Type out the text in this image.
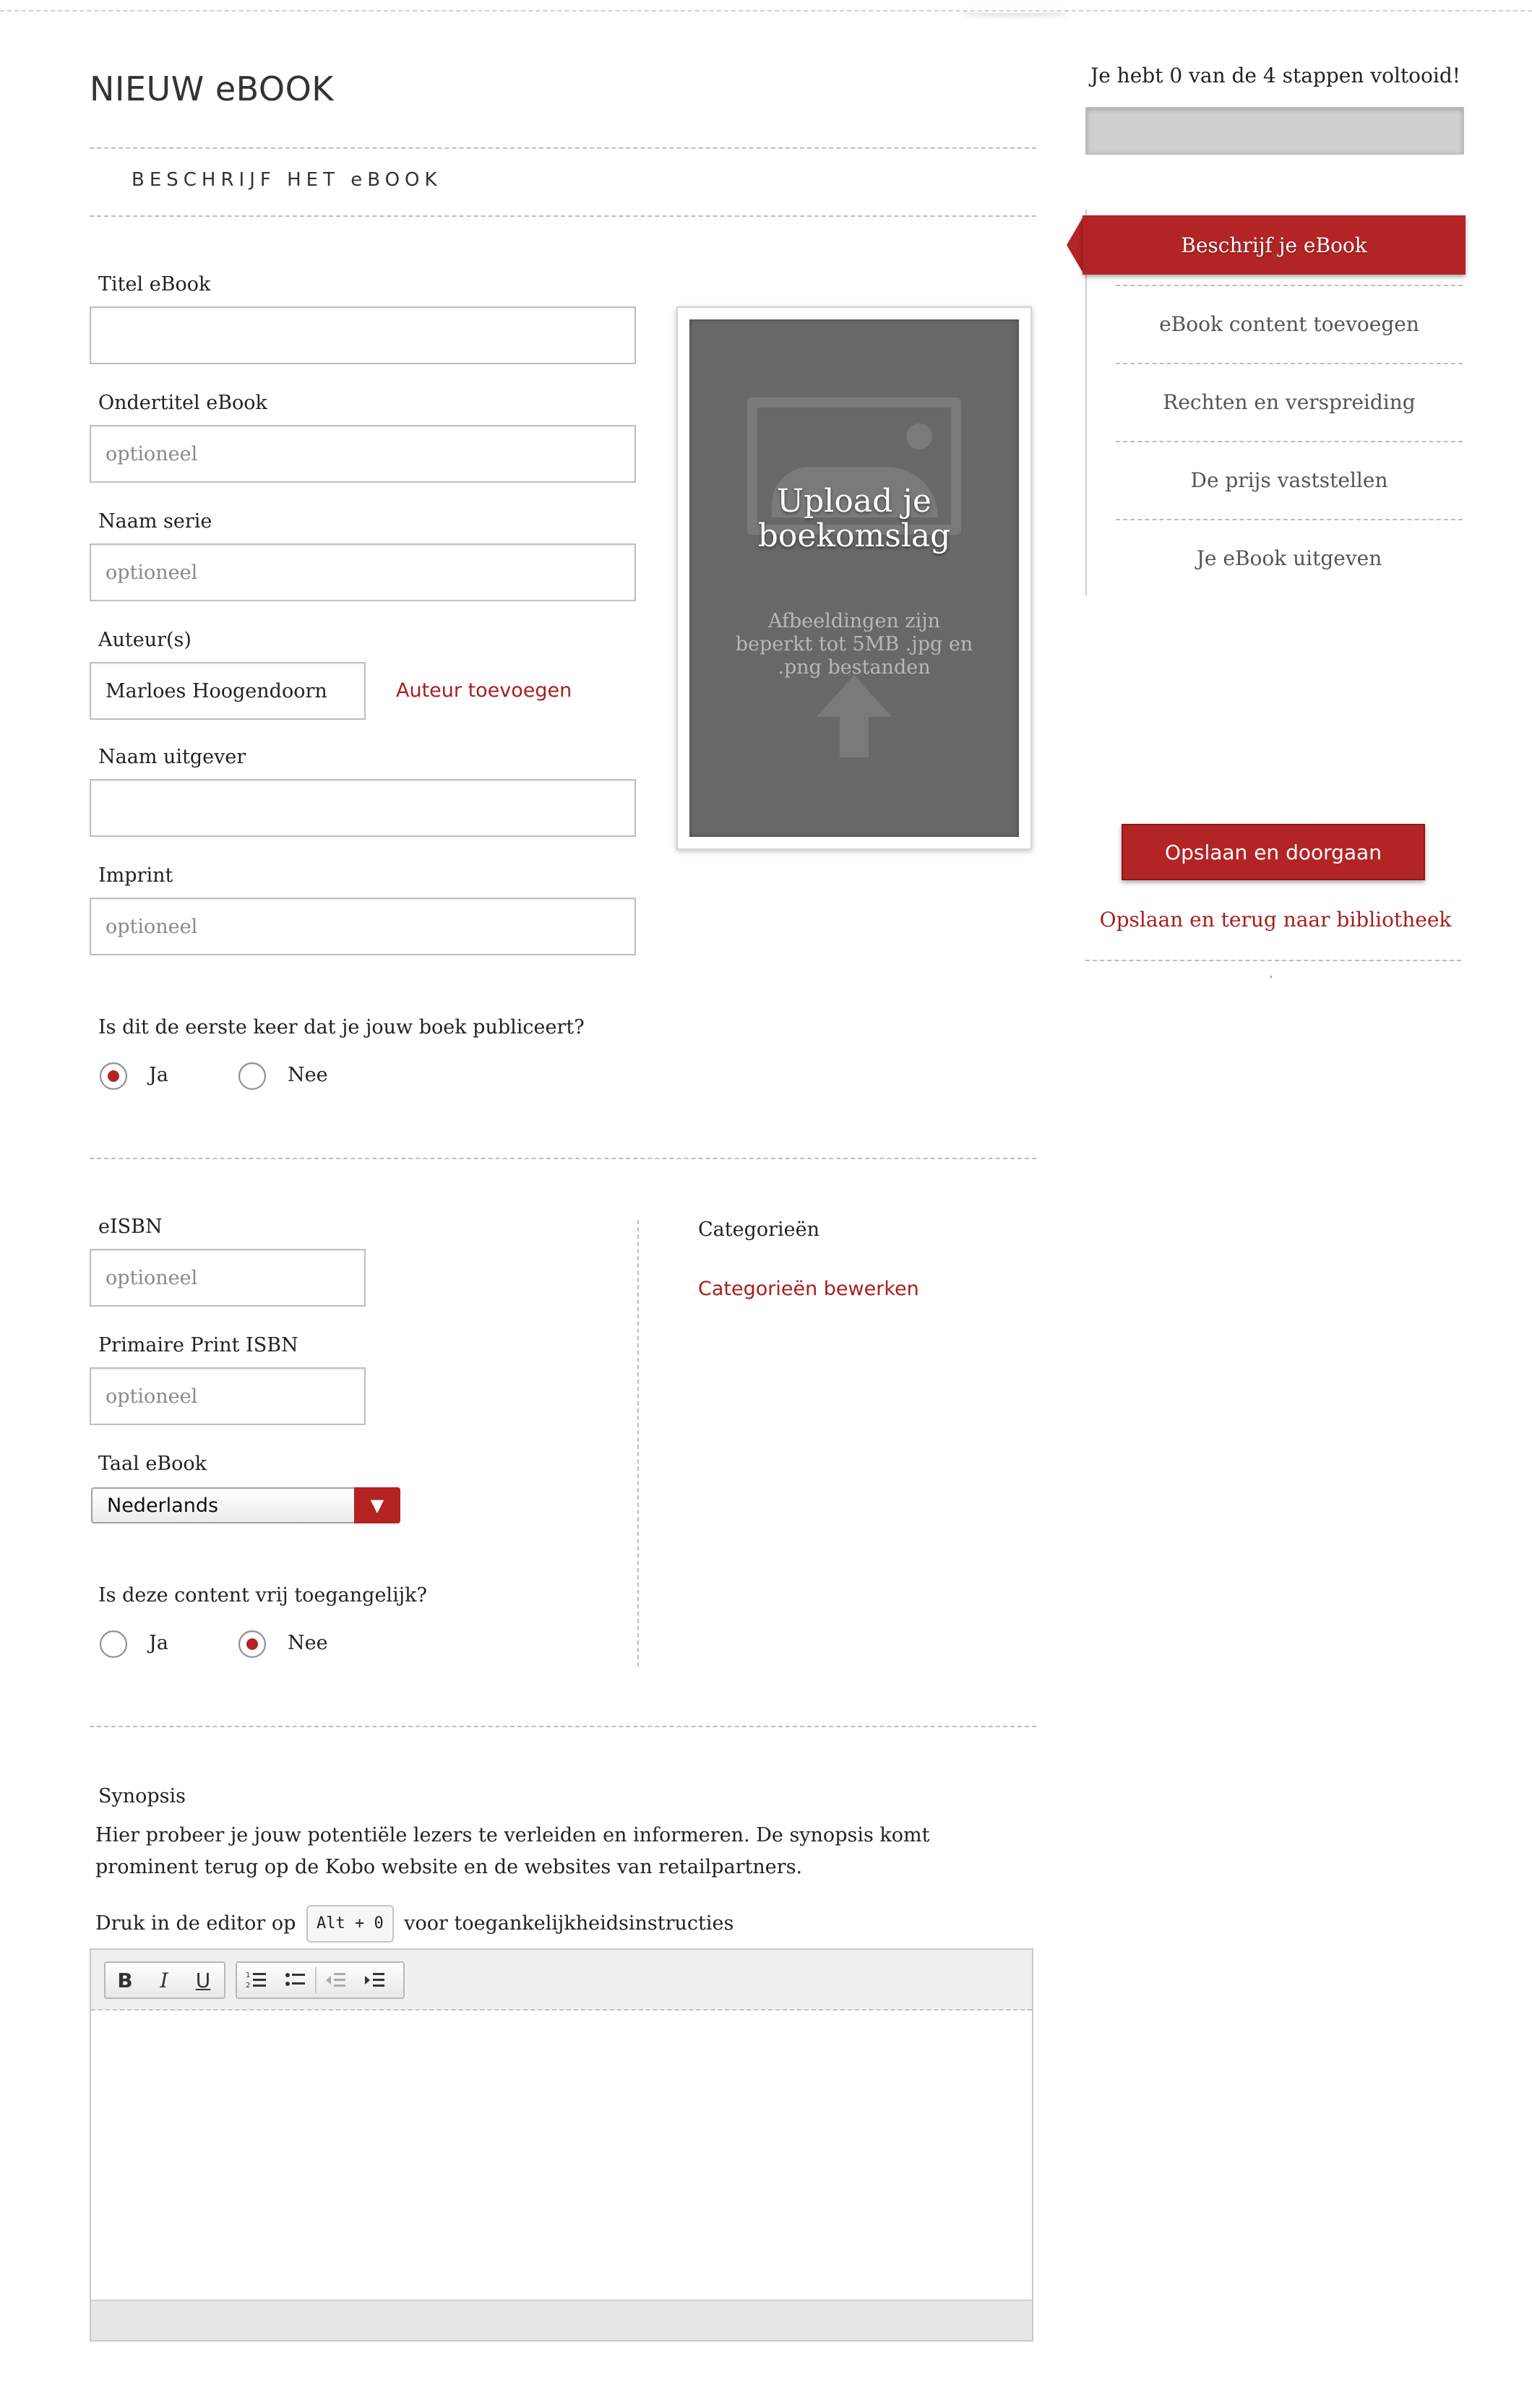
NIEUW eBOOK
BESCHRIJF HET eBOOK
Titel eBook
Ondertitel eBook
optioneel
Naam serie
optioneel
Auteur(s)
Marloes Hoogendoorn	Auteur toevoegen
Naam uitgever
Imprint
optioneel
Upload je boekomslag
Afbeeldingen zijn beperkt tot 5MB .jpg en .png bestanden
Is dit de eerste keer dat je jouw boek publiceert?
Ja	Nee
eISBN
optioneel
Primaire Print ISBN
optioneel
Taal eBook
Nederlands	▼
Is deze content vrij toegangelijk?
Ja	Nee
Categorieën
Categorieën bewerken
Synopsis
Hier probeer je jouw potentiële lezers te verleiden en informeren. De synopsis komt prominent terug op de Kobo website en de websites van retailpartners.
Druk in de editor op Alt + 0 voor toegankelijkheidsinstructies
B	I	U	1
2
Je hebt 0 van de 4 stappen voltooid!
Beschrijf je eBook
eBook content toevoegen
Rechten en verspreiding
De prijs vaststellen
Je eBook uitgeven
Opslaan en doorgaan
Opslaan en terug naar bibliotheek
